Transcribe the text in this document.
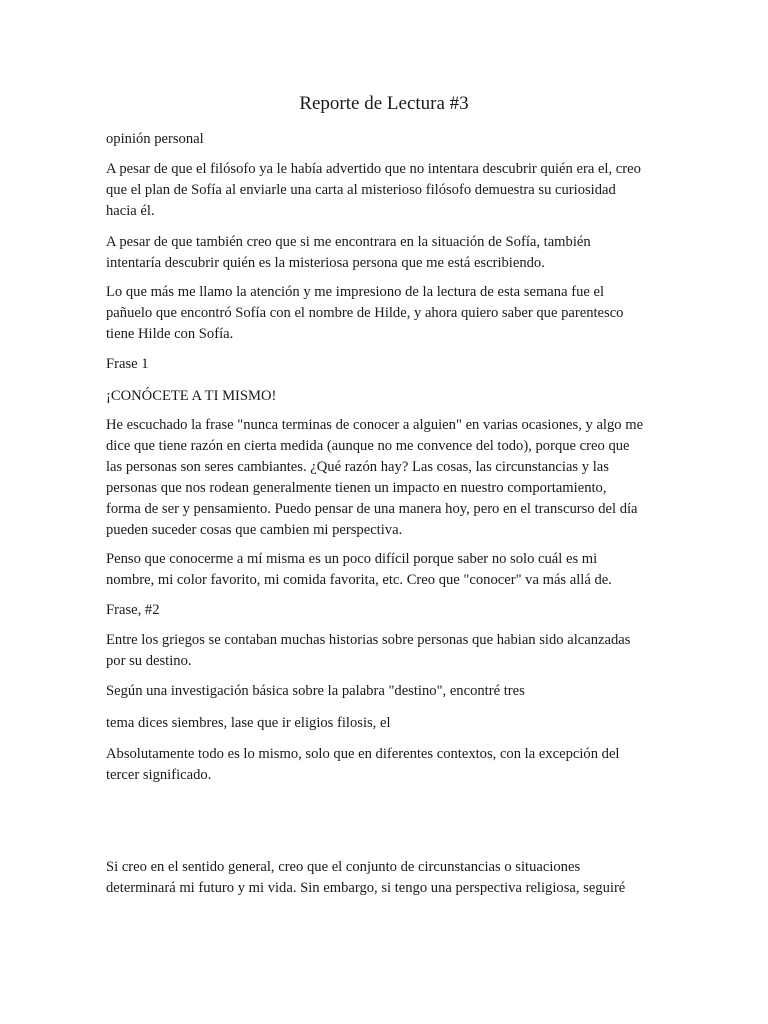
Reporte de Lectura #3
opinión personal
A pesar de que el filósofo ya le había advertido que no intentara descubrir quién era el, creo
que el plan de Sofía al enviarle una carta al misterioso filósofo demuestra su curiosidad
hacia él.
A pesar de que también creo que si me encontrara en la situación de Sofía, también
intentaría descubrir quién es la misteriosa persona que me está escribiendo.
Lo que más me llamo la atención y me impresiono de la lectura de esta semana fue el
pañuelo que encontró Sofía con el nombre de Hilde, y ahora quiero saber que parentesco
tiene Hilde con Sofía.
Frase 1
¡CONÓCETE A TI MISMO!
He escuchado la frase "nunca terminas de conocer a alguien" en varias ocasiones, y algo me
dice que tiene razón en cierta medida (aunque no me convence del todo), porque creo que
las personas son seres cambiantes. ¿Qué razón hay? Las cosas, las circunstancias y las
personas que nos rodean generalmente tienen un impacto en nuestro comportamiento,
forma de ser y pensamiento. Puedo pensar de una manera hoy, pero en el transcurso del día
pueden suceder cosas que cambien mi perspectiva.
Penso que conocerme a mí misma es un poco difícil porque saber no solo cuál es mi
nombre, mi color favorito, mi comida favorita, etc. Creo que "conocer" va más allá de.
Frase, #2
Entre los griegos se contaban muchas historias sobre personas que habian sido alcanzadas
por su destino.
Según una investigación básica sobre la palabra "destino", encontré tres
tema dices siembres, lase que ir eligios filosis, el
Absolutamente todo es lo mismo, solo que en diferentes contextos, con la excepción del
tercer significado.
Si creo en el sentido general, creo que el conjunto de circunstancias o situaciones
determinará mi futuro y mi vida. Sin embargo, si tengo una perspectiva religiosa, seguiré
